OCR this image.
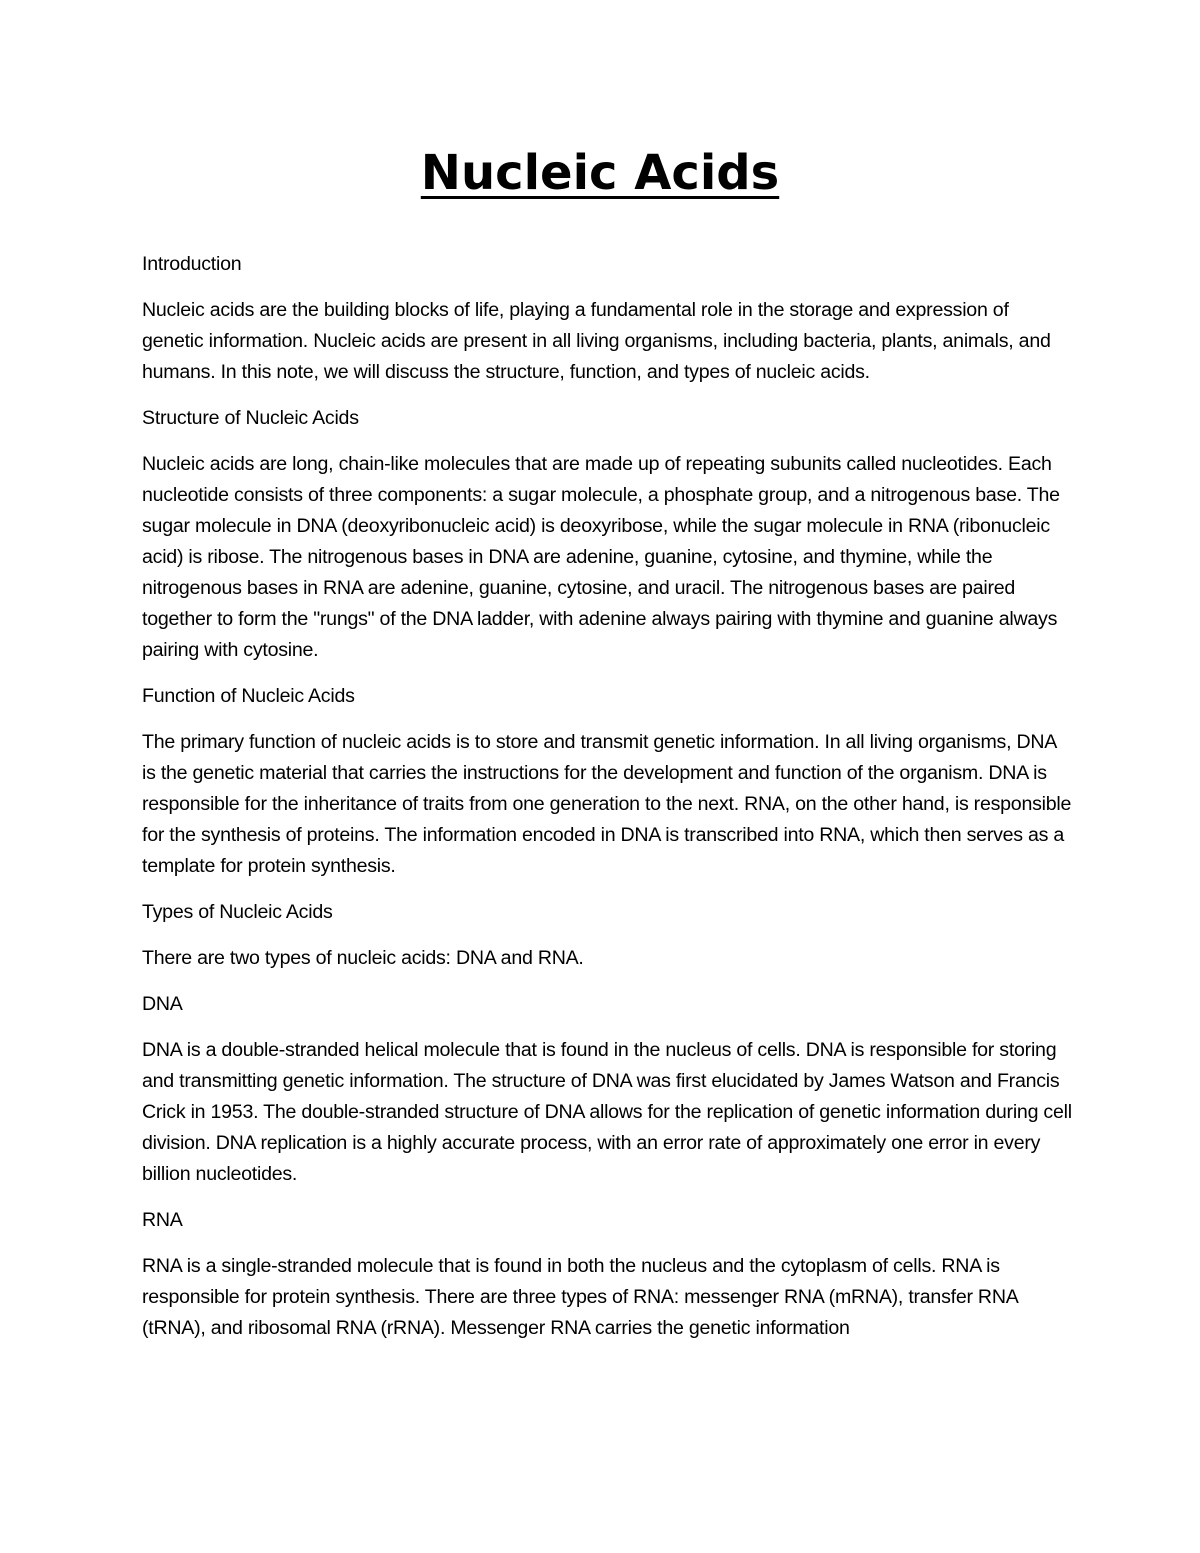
Nucleic Acids

Introduction

Nucleic acids are the building blocks of life, playing a fundamental role in the storage and expression of genetic information. Nucleic acids are present in all living organisms, including bacteria, plants, animals, and humans. In this note, we will discuss the structure, function, and types of nucleic acids.

Structure of Nucleic Acids

Nucleic acids are long, chain-like molecules that are made up of repeating subunits called nucleotides. Each nucleotide consists of three components: a sugar molecule, a phosphate group, and a nitrogenous base. The sugar molecule in DNA (deoxyribonucleic acid) is deoxyribose, while the sugar molecule in RNA (ribonucleic acid) is ribose. The nitrogenous bases in DNA are adenine, guanine, cytosine, and thymine, while the nitrogenous bases in RNA are adenine, guanine, cytosine, and uracil. The nitrogenous bases are paired together to form the "rungs" of the DNA ladder, with adenine always pairing with thymine and guanine always pairing with cytosine.

Function of Nucleic Acids

The primary function of nucleic acids is to store and transmit genetic information. In all living organisms, DNA is the genetic material that carries the instructions for the development and function of the organism. DNA is responsible for the inheritance of traits from one generation to the next. RNA, on the other hand, is responsible for the synthesis of proteins. The information encoded in DNA is transcribed into RNA, which then serves as a template for protein synthesis.

Types of Nucleic Acids

There are two types of nucleic acids: DNA and RNA.

DNA

DNA is a double-stranded helical molecule that is found in the nucleus of cells. DNA is responsible for storing and transmitting genetic information. The structure of DNA was first elucidated by James Watson and Francis Crick in 1953. The double-stranded structure of DNA allows for the replication of genetic information during cell division. DNA replication is a highly accurate process, with an error rate of approximately one error in every billion nucleotides.

RNA

RNA is a single-stranded molecule that is found in both the nucleus and the cytoplasm of cells. RNA is responsible for protein synthesis. There are three types of RNA: messenger RNA (mRNA), transfer RNA (tRNA), and ribosomal RNA (rRNA). Messenger RNA carries the genetic information
